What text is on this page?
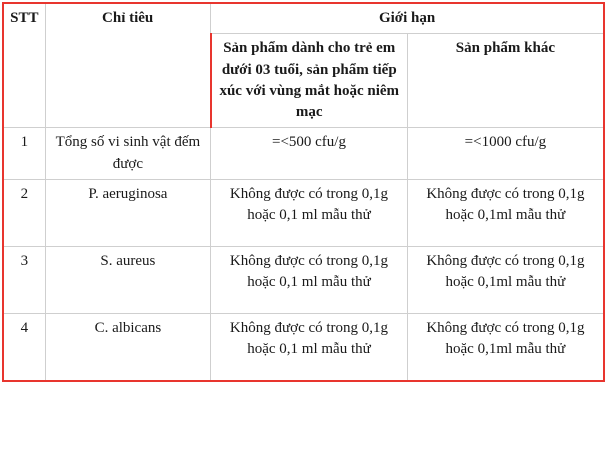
STT	Chỉ tiêu	Giới hạn	
		Sản phẩm dành cho trẻ em dưới 03 tuổi, sản phẩm tiếp xúc với vùng mắt hoặc niêm mạc	Sản phẩm khác
1	Tổng số vi sinh vật đếm được	=<500 cfu/g	=<1000 cfu/g
2	P. aeruginosa	Không được có trong 0,1g hoặc 0,1 ml mẫu thử	Không được có trong 0,1g hoặc 0,1ml mẫu thử
3	S. aureus	Không được có trong 0,1g hoặc 0,1 ml mẫu thử	Không được có trong 0,1g hoặc 0,1ml mẫu thử
4	C. albicans	Không được có trong 0,1g hoặc 0,1 ml mẫu thử	Không được có trong 0,1g hoặc 0,1ml mẫu thử
